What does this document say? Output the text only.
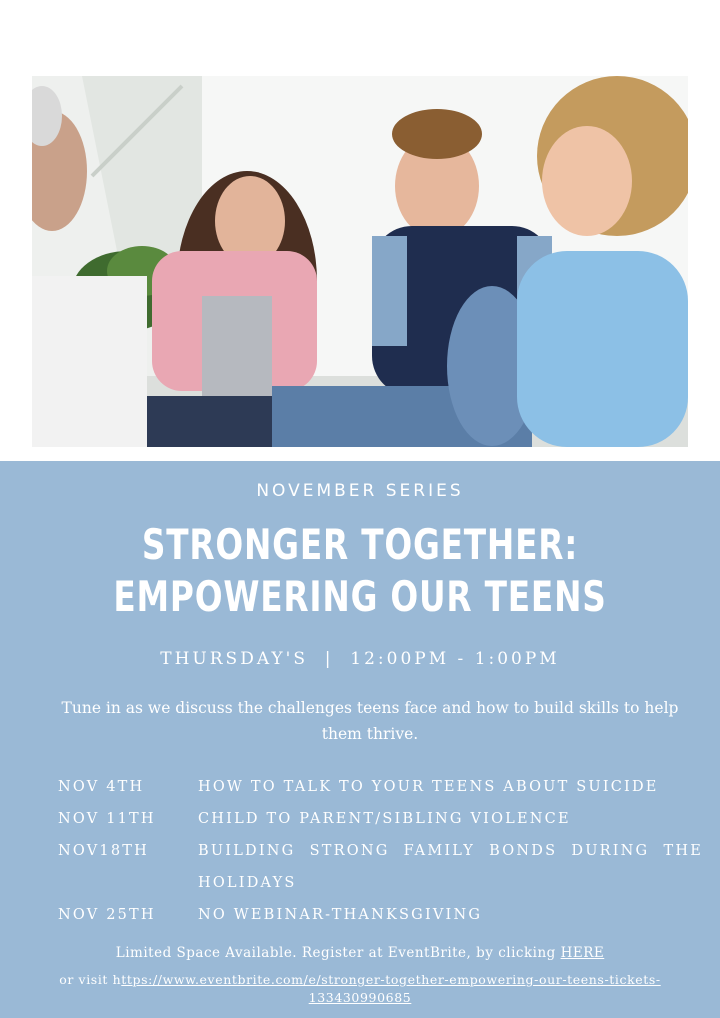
NOVEMBER SERIES
STRONGER TOGETHER:
EMPOWERING OUR TEENS
THURSDAY'S  |  12:00PM - 1:00PM
Tune in as we discuss the challenges teens face and how to build skills to help them thrive.
NOV 4TH	HOW TO TALK TO YOUR TEENS ABOUT SUICIDE
NOV 11TH	CHILD TO PARENT/SIBLING VIOLENCE
NOV18TH	BUILDING STRONG FAMILY BONDS DURING THE
HOLIDAYS
NOV 25TH	NO WEBINAR-THANKSGIVING
Limited Space Available. Register at EventBrite, by clicking HERE
or visit https://www.eventbrite.com/e/stronger-together-empowering-our-teens-tickets-133430990685
